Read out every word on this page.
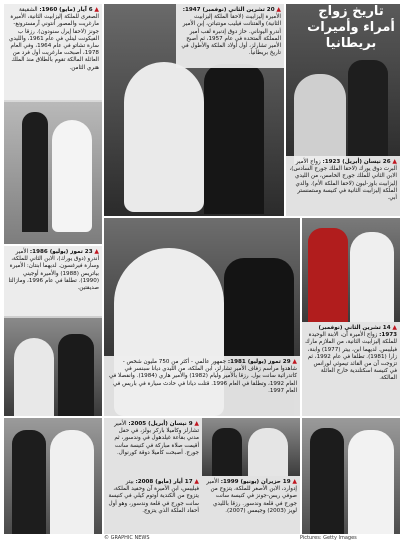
▲ 6 آيار (مايو) 1960: الشقيقة الصغرى للملكة إليزابيث الثانية، الأميرة مارغريت والمصور أنتوني آرمسترونغ-جونز (لاحقا إيرل سنودون). رزقا ب الفيكونت لينلي في عام 1961، والليدي سارة تشاتو في عام 1964، وفي العام 1978، أصبحت مارغريت أول فرد من العائلة المالكة تقوم بالطلاق منذ الملك هنري الثامن.
▲ 20 تشرين الثاني (نوفمبر) 1947: الأميرة إليزابيث (لاحقا الملكة إليزابيث الثانية) والفتنانت فيليب مونتباتن، إبن الأمير أندرو اليوناني. حاز دوق إدنبرة لقب أمير المملكة المتحدة في عام 1957، ثم أصبح الأمير تشارلز، أول أولاد الملكة والأطول في تاريخ بريطانيا.
▲ 26 نيسان (أبريل) 1923: زواج الأمير ألبرت دوق يورك (لاحقا الملك جورج السادس)، الابن الثاني للملك جورج الخامس، من الليدي إليزابيث باوز-ليون (لاحقا الملكة الأم). والدي الملكة إليزابيث الثانية في كنيسة وستمنستر أبي.
تاريخ زواج أمراء وأميرات بريطانيا
▲ 23 تموز (يوليو) 1986: الأمير أندرو (دوق يورك)، الابن الثاني للملكة، وسارة فيرغسون. لديهما ابنتان: الأميرة بياتريس (1988) والأميرة أوجيني (1990). تطلقا في عام 1996، ومازالتا صديقتين.
▲ 29 تموز (يوليو) 1981: جمهور عالمي - أكثر من 750 مليون شخص - شاهدوا مراسم زفاف الأمير تشارلز، ابن الملكة، من الليدي ديانا سبنسر في كاتدرائية سانت بول. رزقا بالأمير وليام (1982) والأمير هاري (1984). وانفصلا في العام 1992، وتطلقا في العام 1996. قتلت ديانا في حادث سيارة في باريس في العام 1997.
▲ 14 تشرين الثاني (نوفمبر) 1973: زواج الأميرة آن، الابنة الوحيدة للملكة إليزابيث الثانية، من الملازم مارك فيليبس. لديهما ابن، بيتر (1977) وابنة، زارا (1981). تطلقا في عام 1992، ثم تزوجت آن من القائد تيموثي لورانس في كنيسة اسكتلندية خارج العائلة المالكة.
▲ 9 نيسان (أبريل) 2005: الأمير تشارلز وكاميلا باركر بولز، في حفل مدني بقاعة غيلدهول في وندسور، ثم أقيمت صلاة مباركة في كنيسة سانت جورج. أصبحت كاميلا دوقة كورنوال.
▲ 17 أيار (مايو) 2008: بيتر فيليبس، ابن الأميرة آن وحفيد الملكة، يتزوج من الكندية أوتوم كيلي في كنيسة سانت جورج في قلعة وندسور، وهو أول أحفاد الملكة الذي يتزوج.
▲ 19 حزيران (يونيو) 1999: الأمير إدوارد، الابن الأصغر للملكة، يتزوج من صوفي ريس-جونز في كنيسة سانت جورج في قلعة وندسور. رزقا بالليدي لويز (2003) وجيمس (2007).
© GRAPHIC NEWS	Pictures: Getty Images
